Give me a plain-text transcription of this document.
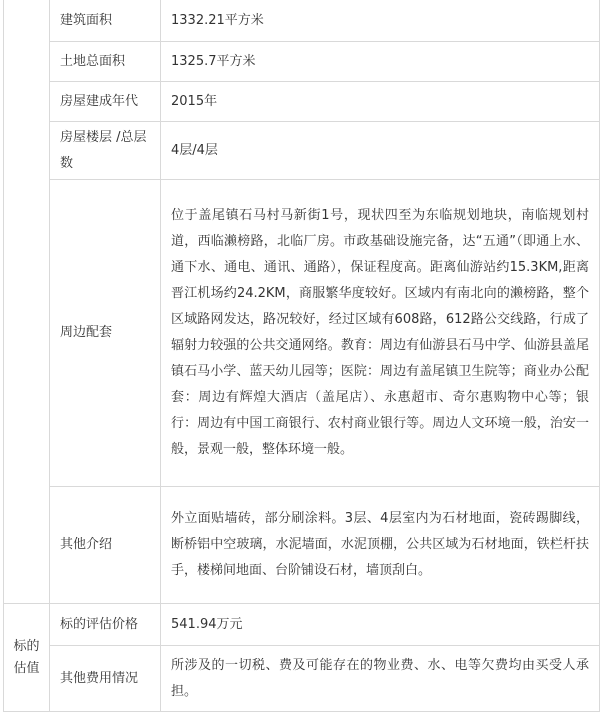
	建筑面积	1332.21平方米
	土地总面积	1325.7平方米
	房屋建成年代	2015年
	房屋楼层 /总层数	4层/4层
	周边配套	位于盖尾镇石马村马新街1号，现状四至为东临规划地块，南临规划村道，西临濑榜路，北临厂房。市政基础设施完备，达“五通”（即通上水、通下水、通电、通讯、通路），保证程度高。距离仙游站约15.3KM,距离晋江机场约24.2KM，商服繁华度较好。区域内有南北向的濑榜路，整个区域路网发达，路况较好，经过区域有608路，612路公交线路，行成了辐射力较强的公共交通网络。教育：周边有仙游县石马中学、仙游县盖尾镇石马小学、蓝天幼儿园等；医院：周边有盖尾镇卫生院等；商业办公配套：周边有辉煌大酒店（盖尾店）、永惠超市、奇尔惠购物中心等；银行：周边有中国工商银行、农村商业银行等。周边人文环境一般，治安一般，景观一般，整体环境一般。

	其他介绍	外立面贴墙砖，部分刷涂料。3层、4层室内为石材地面，瓷砖踢脚线，断桥铝中空玻璃，水泥墙面，水泥顶棚，公共区域为石材地面，铁栏杆扶手，楼梯间地面、台阶铺设石材，墙顶刮白。

标的估值	标的评估价格	541.94万元
	其他费用情况	所涉及的一切税、费及可能存在的物业费、水、电等欠费均由买受人承担。
